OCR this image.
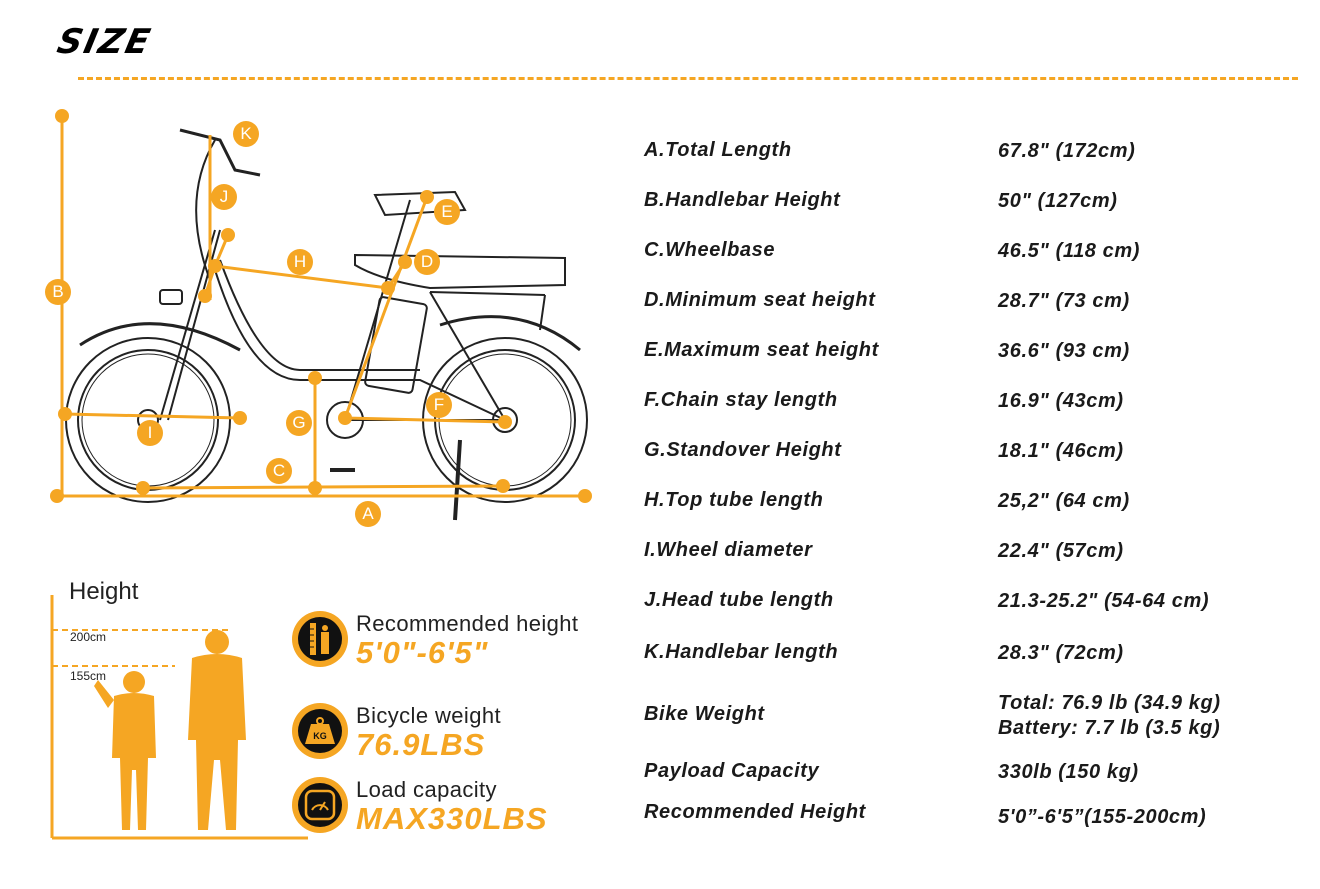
SIZE
A
B
C
D
E
F
G
H
I
J
K
A.Total Length	67.8" (172cm)
B.Handlebar Height	50" (127cm)
C.Wheelbase	46.5" (118 cm)
D.Minimum seat height	28.7" (73 cm)
E.Maximum seat height	36.6" (93 cm)
F.Chain stay length	16.9" (43cm)
G.Standover Height	18.1" (46cm)
H.Top tube length	25,2" (64 cm)
I.Wheel diameter	22.4" (57cm)
J.Head tube length	21.3-25.2" (54-64 cm)
K.Handlebar length	28.3" (72cm)
Bike Weight	Total: 76.9 lb (34.9 kg)
Battery: 7.7 lb (3.5 kg)
Payload Capacity	330lb (150 kg)
Recommended Height	5'0”-6'5”(155-200cm)
Height
200cm
155cm
Recommended height
5'0"-6'5"
KG
Bicycle weight
76.9LBS
Load capacity
MAX330LBS
